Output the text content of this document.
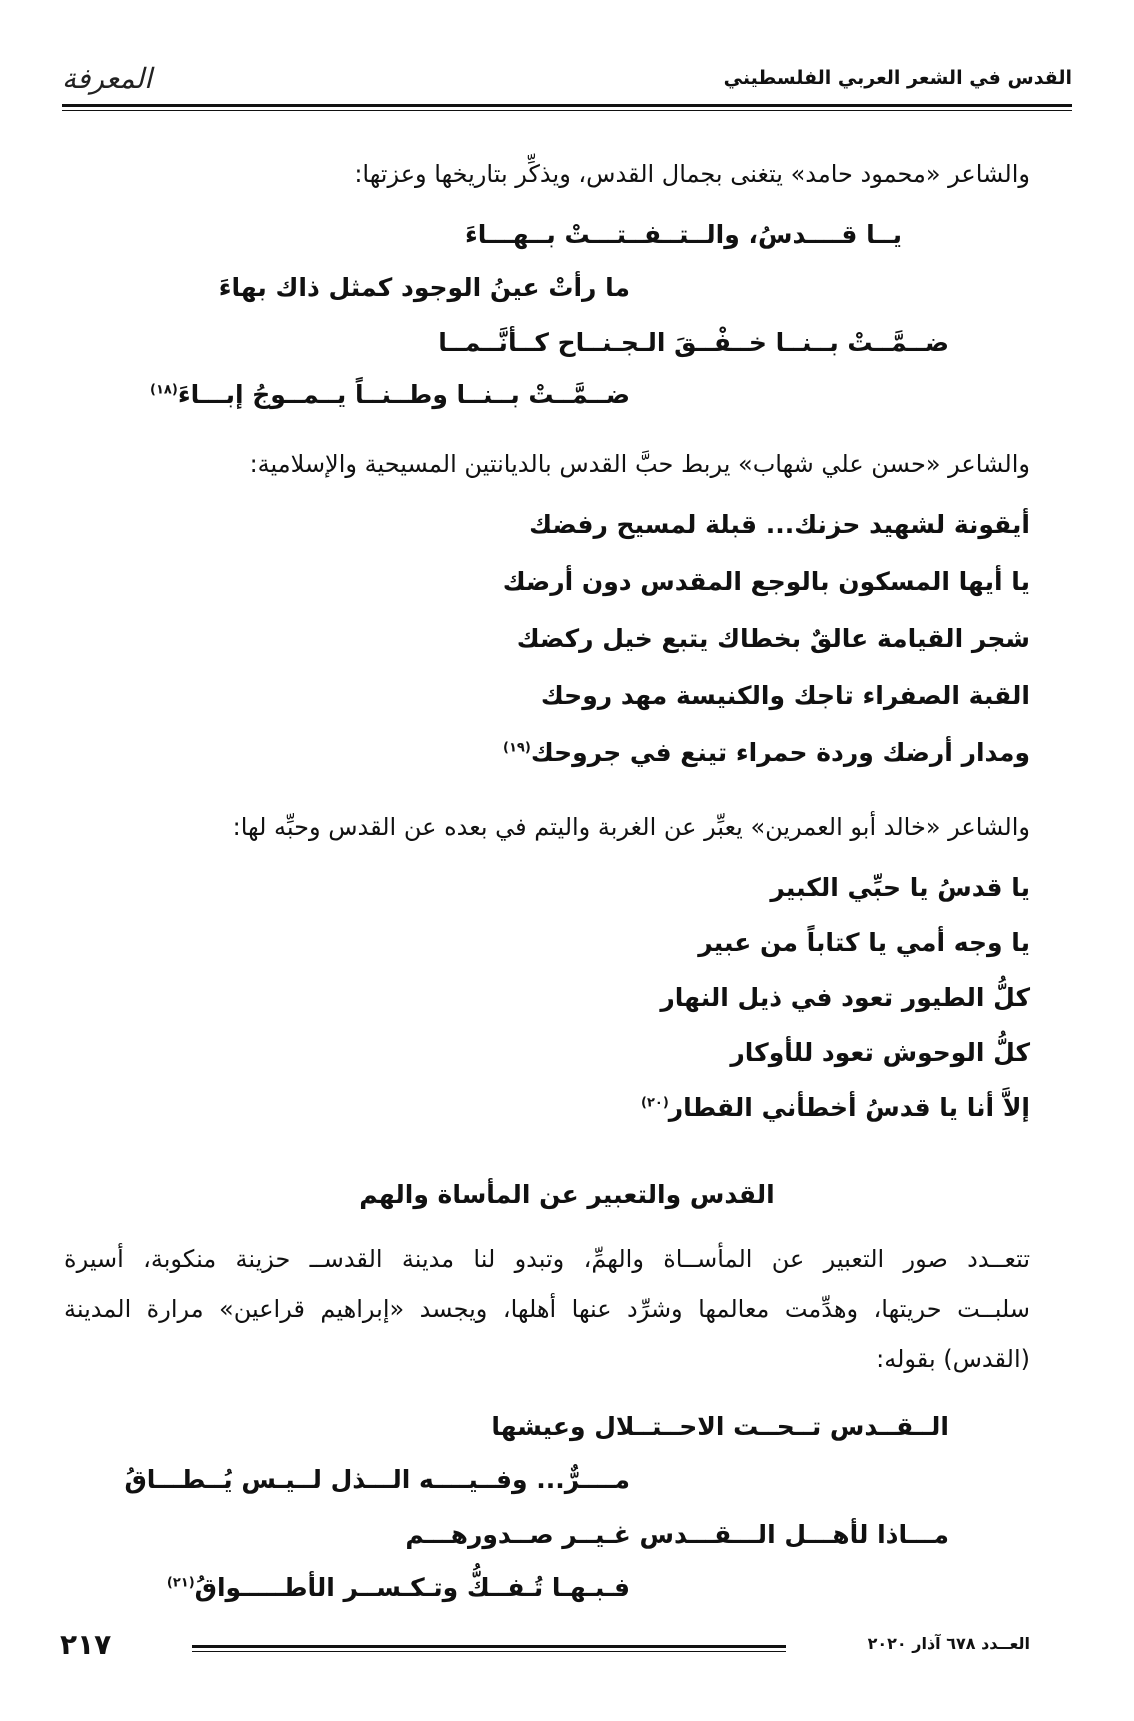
القدس في الشعر العربي الفلسطيني
المعرفة
والشاعر «محمود حامد» يتغنى بجمال القدس، ويذكِّر بتاريخها وعزتها:
يــا قــــدسُ، والــتــفــتـــتْ بــهـــاءَ
ما رأتْ عينُ الوجود كمثل ذاك بهاءَ
ضــمَّــتْ بــنــا خــفْــقَ الـجـنــاح كــأنَّــمــا
ضــمَّــتْ بــنــا وطــنــاً يــمــوجُ إبـــاءَ$^{(١٨)}$
والشاعر «حسن علي شهاب» يربط حبَّ القدس بالديانتين المسيحية والإسلامية:
أيقونة لشهيد حزنك... قبلة لمسيح رفضك
يا أيها المسكون بالوجع المقدس دون أرضك
شجر القيامة عالقٌ بخطاك يتبع خيل ركضك
القبة الصفراء تاجك والكنيسة مهد روحك
ومدار أرضك وردة حمراء تينع في جروحك$^{(١٩)}$
والشاعر «خالد أبو العمرين» يعبِّر عن الغربة واليتم في بعده عن القدس وحبِّه لها:
يا قدسُ يا حبِّي الكبير
يا وجه أمي يا كتاباً من عبير
كلُّ الطيور تعود في ذيل النهار
كلُّ الوحوش تعود للأوكار
إلاَّ أنا يا قدسُ أخطأني القطار$^{(٢٠)}$
القدس والتعبير عن المأساة والهم
تتعــدد صور التعبير عن المأســاة والهمِّ، وتبدو لنا مدينة القدســ حزينة منكوبة، أسيرة
سلبــت حريتها، وهدِّمت معالمها وشرِّد عنها أهلها، ويجسد «إبراهيم قراعين» مرارة المدينة
(القدس) بقوله:
الــقــدس تــحــت الاحــتــلال وعيشها
مــــرٌّ... وفــيــــه الـــذل لــيـس يُــطـــاقُ
مـــاذا لأهـــل الـــقـــدس غـيــر صــدورهـــم
فـبـهـا تُـفــكُّ وتـكـســر الأطـــــواقُ$^{(٢١)}$
٢١٧	العــدد ٦٧٨ آذار ٢٠٢٠
